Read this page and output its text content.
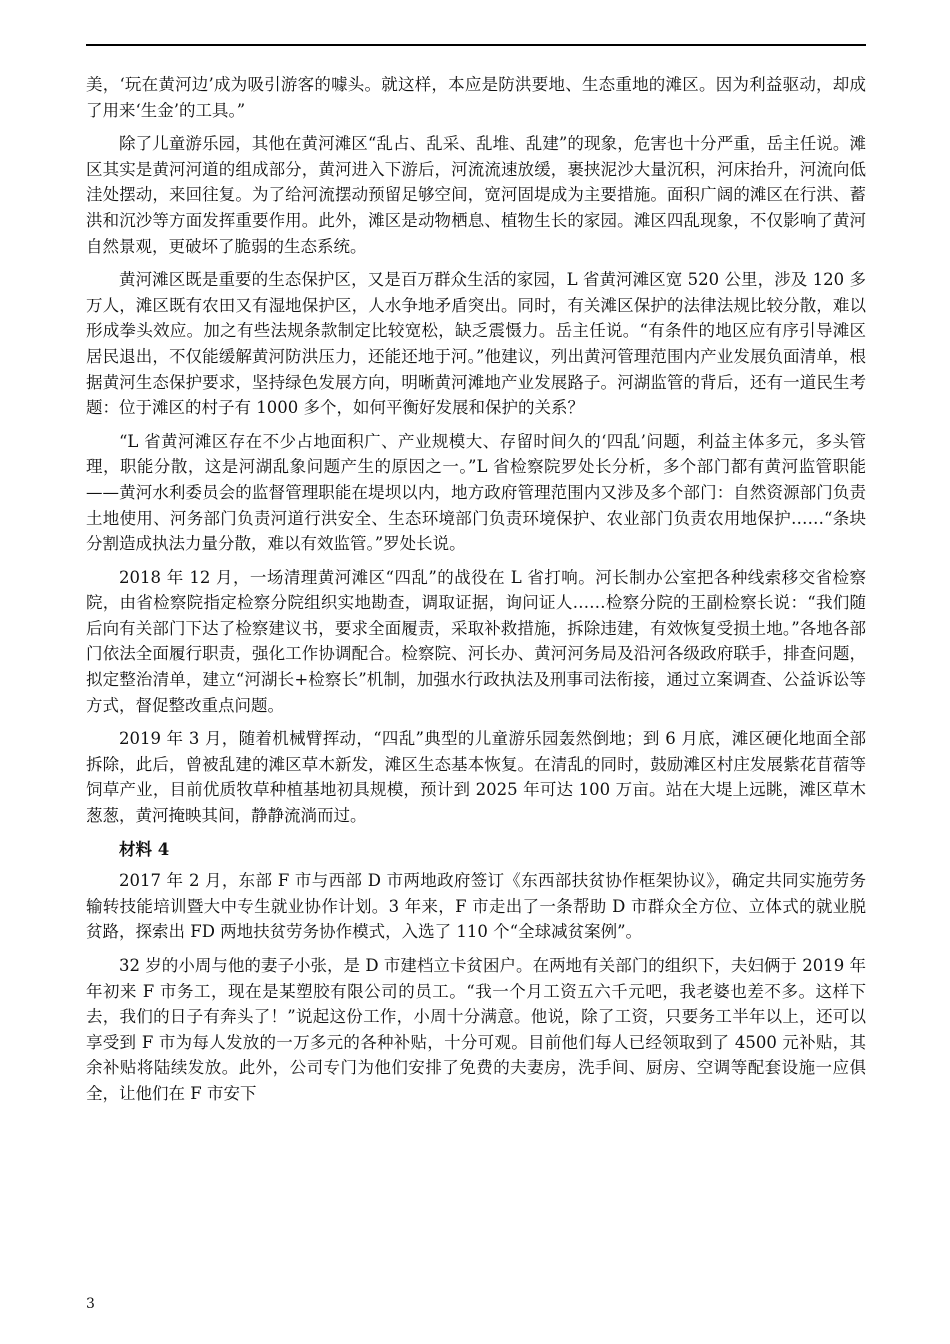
美，‘玩在黄河边’成为吸引游客的噱头。就这样，本应是防洪要地、生态重地的滩区。因为利益驱动，却成了用来‘生金’的工具。”

除了儿童游乐园，其他在黄河滩区“乱占、乱采、乱堆、乱建”的现象，危害也十分严重，岳主任说。滩区其实是黄河河道的组成部分，黄河进入下游后，河流流速放缓，裹挟泥沙大量沉积，河床抬升，河流向低洼处摆动，来回往复。为了给河流摆动预留足够空间，宽河固堤成为主要措施。面积广阔的滩区在行洪、蓄洪和沉沙等方面发挥重要作用。此外，滩区是动物栖息、植物生长的家园。滩区四乱现象，不仅影响了黄河自然景观，更破坏了脆弱的生态系统。

黄河滩区既是重要的生态保护区，又是百万群众生活的家园，L 省黄河滩区宽 520 公里，涉及 120 多万人，滩区既有农田又有湿地保护区，人水争地矛盾突出。同时，有关滩区保护的法律法规比较分散，难以形成拳头效应。加之有些法规条款制定比较宽松，缺乏震慑力。岳主任说。“有条件的地区应有序引导滩区居民退出，不仅能缓解黄河防洪压力，还能还地于河。”他建议，列出黄河管理范围内产业发展负面清单，根据黄河生态保护要求，坚持绿色发展方向，明晰黄河滩地产业发展路子。河湖监管的背后，还有一道民生考题：位于滩区的村子有 1000 多个，如何平衡好发展和保护的关系？

“L 省黄河滩区存在不少占地面积广、产业规模大、存留时间久的‘四乱’问题，利益主体多元，多头管理，职能分散，这是河湖乱象问题产生的原因之一。”L 省检察院罗处长分析，多个部门都有黄河监管职能——黄河水利委员会的监督管理职能在堤坝以内，地方政府管理范围内又涉及多个部门：自然资源部门负责土地使用、河务部门负责河道行洪安全、生态环境部门负责环境保护、农业部门负责农用地保护……“条块分割造成执法力量分散，难以有效监管。”罗处长说。

2018 年 12 月，一场清理黄河滩区“四乱”的战役在 L 省打响。河长制办公室把各种线索移交省检察院，由省检察院指定检察分院组织实地勘查，调取证据，询问证人……检察分院的王副检察长说：“我们随后向有关部门下达了检察建议书，要求全面履责，采取补救措施，拆除违建，有效恢复受损土地。”各地各部门依法全面履行职责，强化工作协调配合。检察院、河长办、黄河河务局及沿河各级政府联手，排查问题，拟定整治清单，建立“河湖长+检察长”机制，加强水行政执法及刑事司法衔接，通过立案调查、公益诉讼等方式，督促整改重点问题。

2019 年 3 月，随着机械臂挥动，“四乱”典型的儿童游乐园轰然倒地；到 6 月底，滩区硬化地面全部拆除，此后，曾被乱建的滩区草木新发，滩区生态基本恢复。在清乱的同时，鼓励滩区村庄发展紫花苜蓿等饲草产业，目前优质牧草种植基地初具规模，预计到 2025 年可达 100 万亩。站在大堤上远眺，滩区草木葱葱，黄河掩映其间，静静流淌而过。

材料 4

2017 年 2 月，东部 F 市与西部 D 市两地政府签订《东西部扶贫协作框架协议》，确定共同实施劳务输转技能培训暨大中专生就业协作计划。3 年来，F 市走出了一条帮助 D 市群众全方位、立体式的就业脱贫路，探索出 FD 两地扶贫劳务协作模式，入选了 110 个“全球减贫案例”。

32 岁的小周与他的妻子小张，是 D 市建档立卡贫困户。在两地有关部门的组织下，夫妇俩于 2019 年年初来 F 市务工，现在是某塑胶有限公司的员工。“我一个月工资五六千元吧，我老婆也差不多。这样下去，我们的日子有奔头了！”说起这份工作，小周十分满意。他说，除了工资，只要务工半年以上，还可以享受到 F 市为每人发放的一万多元的各种补贴，十分可观。目前他们每人已经领取到了 4500 元补贴，其余补贴将陆续发放。此外，公司专门为他们安排了免费的夫妻房，洗手间、厨房、空调等配套设施一应俱全，让他们在 F 市安下

3
